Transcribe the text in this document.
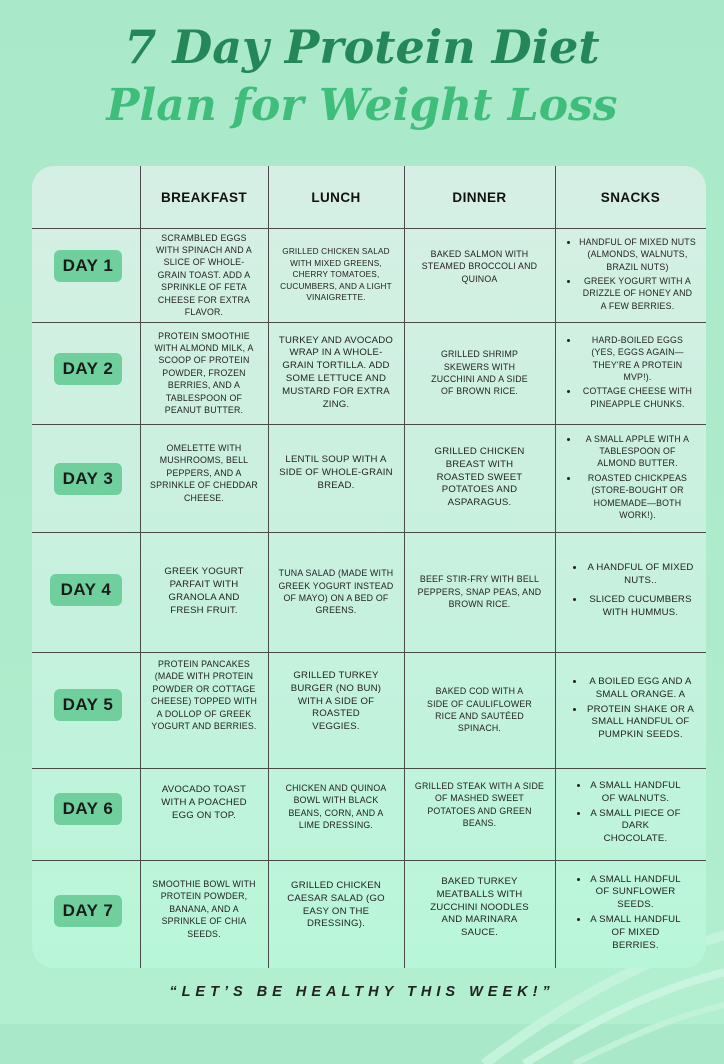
7 Day Protein Diet
Plan for Weight Loss
BREAKFAST	LUNCH	DINNER	SNACKS
DAY 1
SCRAMBLED EGGS WITH SPINACH AND A SLICE OF WHOLE-GRAIN TOAST. ADD A SPRINKLE OF FETA CHEESE FOR EXTRA FLAVOR.
GRILLED CHICKEN SALAD WITH MIXED GREENS, CHERRY TOMATOES, CUCUMBERS, AND A LIGHT VINAIGRETTE.
BAKED SALMON WITH STEAMED BROCCOLI AND QUINOA
• HANDFUL OF MIXED NUTS (ALMONDS, WALNUTS, BRAZIL NUTS)
• GREEK YOGURT WITH A DRIZZLE OF HONEY AND A FEW BERRIES.
DAY 2
PROTEIN SMOOTHIE WITH ALMOND MILK, A SCOOP OF PROTEIN POWDER, FROZEN BERRIES, AND A TABLESPOON OF PEANUT BUTTER.
TURKEY AND AVOCADO WRAP IN A WHOLE-GRAIN TORTILLA. ADD SOME LETTUCE AND MUSTARD FOR EXTRA ZING.
GRILLED SHRIMP SKEWERS WITH ZUCCHINI AND A SIDE OF BROWN RICE.
• HARD-BOILED EGGS (YES, EGGS AGAIN—THEY'RE A PROTEIN MVP!).
• COTTAGE CHEESE WITH PINEAPPLE CHUNKS.
DAY 3
OMELETTE WITH MUSHROOMS, BELL PEPPERS, AND A SPRINKLE OF CHEDDAR CHEESE.
LENTIL SOUP WITH A SIDE OF WHOLE-GRAIN BREAD.
GRILLED CHICKEN BREAST WITH ROASTED SWEET POTATOES AND ASPARAGUS.
• A SMALL APPLE WITH A TABLESPOON OF ALMOND BUTTER.
• ROASTED CHICKPEAS (STORE-BOUGHT OR HOMEMADE—BOTH WORK!).
DAY 4
GREEK YOGURT PARFAIT WITH GRANOLA AND FRESH FRUIT.
TUNA SALAD (MADE WITH GREEK YOGURT INSTEAD OF MAYO) ON A BED OF GREENS.
BEEF STIR-FRY WITH BELL PEPPERS, SNAP PEAS, AND BROWN RICE.
• A HANDFUL OF MIXED NUTS..
• SLICED CUCUMBERS WITH HUMMUS.
DAY 5
PROTEIN PANCAKES (MADE WITH PROTEIN POWDER OR COTTAGE CHEESE) TOPPED WITH A DOLLOP OF GREEK YOGURT AND BERRIES.
GRILLED TURKEY BURGER (NO BUN) WITH A SIDE OF ROASTED VEGGIES.
BAKED COD WITH A SIDE OF CAULIFLOWER RICE AND SAUTÉED SPINACH.
• A BOILED EGG AND A SMALL ORANGE. A
• PROTEIN SHAKE OR A SMALL HANDFUL OF PUMPKIN SEEDS.
DAY 6
AVOCADO TOAST WITH A POACHED EGG ON TOP.
CHICKEN AND QUINOA BOWL WITH BLACK BEANS, CORN, AND A LIME DRESSING.
GRILLED STEAK WITH A SIDE OF MASHED SWEET POTATOES AND GREEN BEANS.
• A SMALL HANDFUL OF WALNUTS.
• A SMALL PIECE OF DARK CHOCOLATE.
DAY 7
SMOOTHIE BOWL WITH PROTEIN POWDER, BANANA, AND A SPRINKLE OF CHIA SEEDS.
GRILLED CHICKEN CAESAR SALAD (GO EASY ON THE DRESSING).
BAKED TURKEY MEATBALLS WITH ZUCCHINI NOODLES AND MARINARA SAUCE.
• A SMALL HANDFUL OF SUNFLOWER SEEDS.
• A SMALL HANDFUL OF MIXED BERRIES.
“LET’S BE HEALTHY THIS WEEK!”
